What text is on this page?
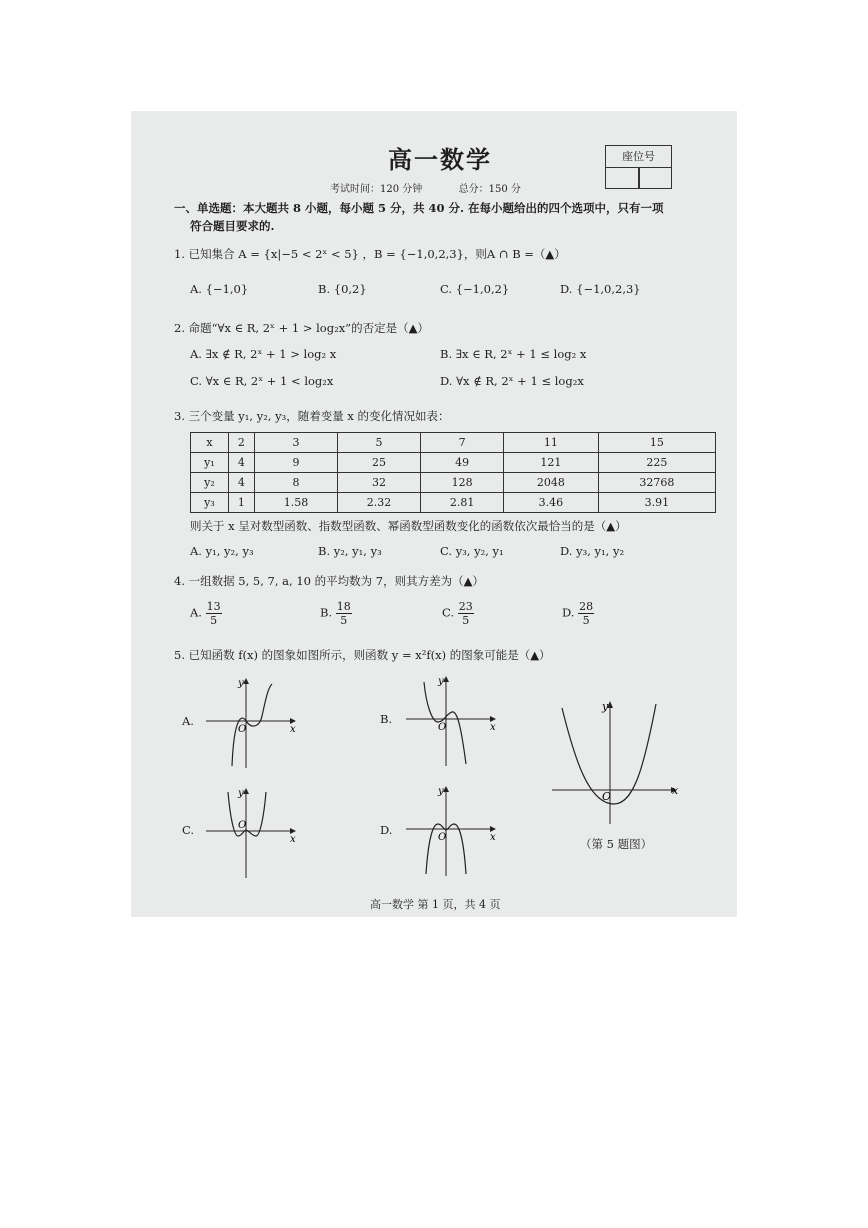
高一数学	座位号
考试时间：120 分钟	总分：150 分
一、单选题：本大题共 8 小题，每小题 5 分，共 40 分. 在每小题给出的四个选项中，只有一项
符合题目要求的.
1. 已知集合 A = {x|−5 < 2ˣ < 5} ，B = {−1,0,2,3}，则A ∩ B =（▲）
A. {−1,0}	B. {0,2}	C. {−1,0,2}	D. {−1,0,2,3}
2. 命题“∀x ∈ R, 2ˣ + 1 > log₂x”的否定是（▲）
A. ∃x ∉ R, 2ˣ + 1 > log₂ x	B. ∃x ∈ R, 2ˣ + 1 ≤ log₂ x
C. ∀x ∈ R, 2ˣ + 1 < log₂x	D. ∀x ∉ R, 2ˣ + 1 ≤ log₂x
3. 三个变量 y₁, y₂, y₃，随着变量 x 的变化情况如表：
x	2	3	5	7	11	15
y₁	4	9	25	49	121	225
y₂	4	8	32	128	2048	32768
y₃	1	1.58	2.32	2.81	3.46	3.91
则关于 x 呈对数型函数、指数型函数、幂函数型函数变化的函数依次最恰当的是（▲）
A. y₁, y₂, y₃	B. y₂, y₁, y₃	C. y₃, y₂, y₁	D. y₃, y₁, y₂
4. 一组数据 5, 5, 7, a, 10 的平均数为 7，则其方差为（▲）
A. $\frac{13}{5}$	B. $\frac{18}{5}$	C. $\frac{23}{5}$	D. $\frac{28}{5}$
5. 已知函数 f(x) 的图象如图所示，则函数 y = x²f(x) 的图象可能是（▲）
A.	B.
C.	D.
O	x
y
O	x
y
O
x
y
O	x
y	O	x
y
（第 5 题图）
高一数学 第 1 页，共 4 页
